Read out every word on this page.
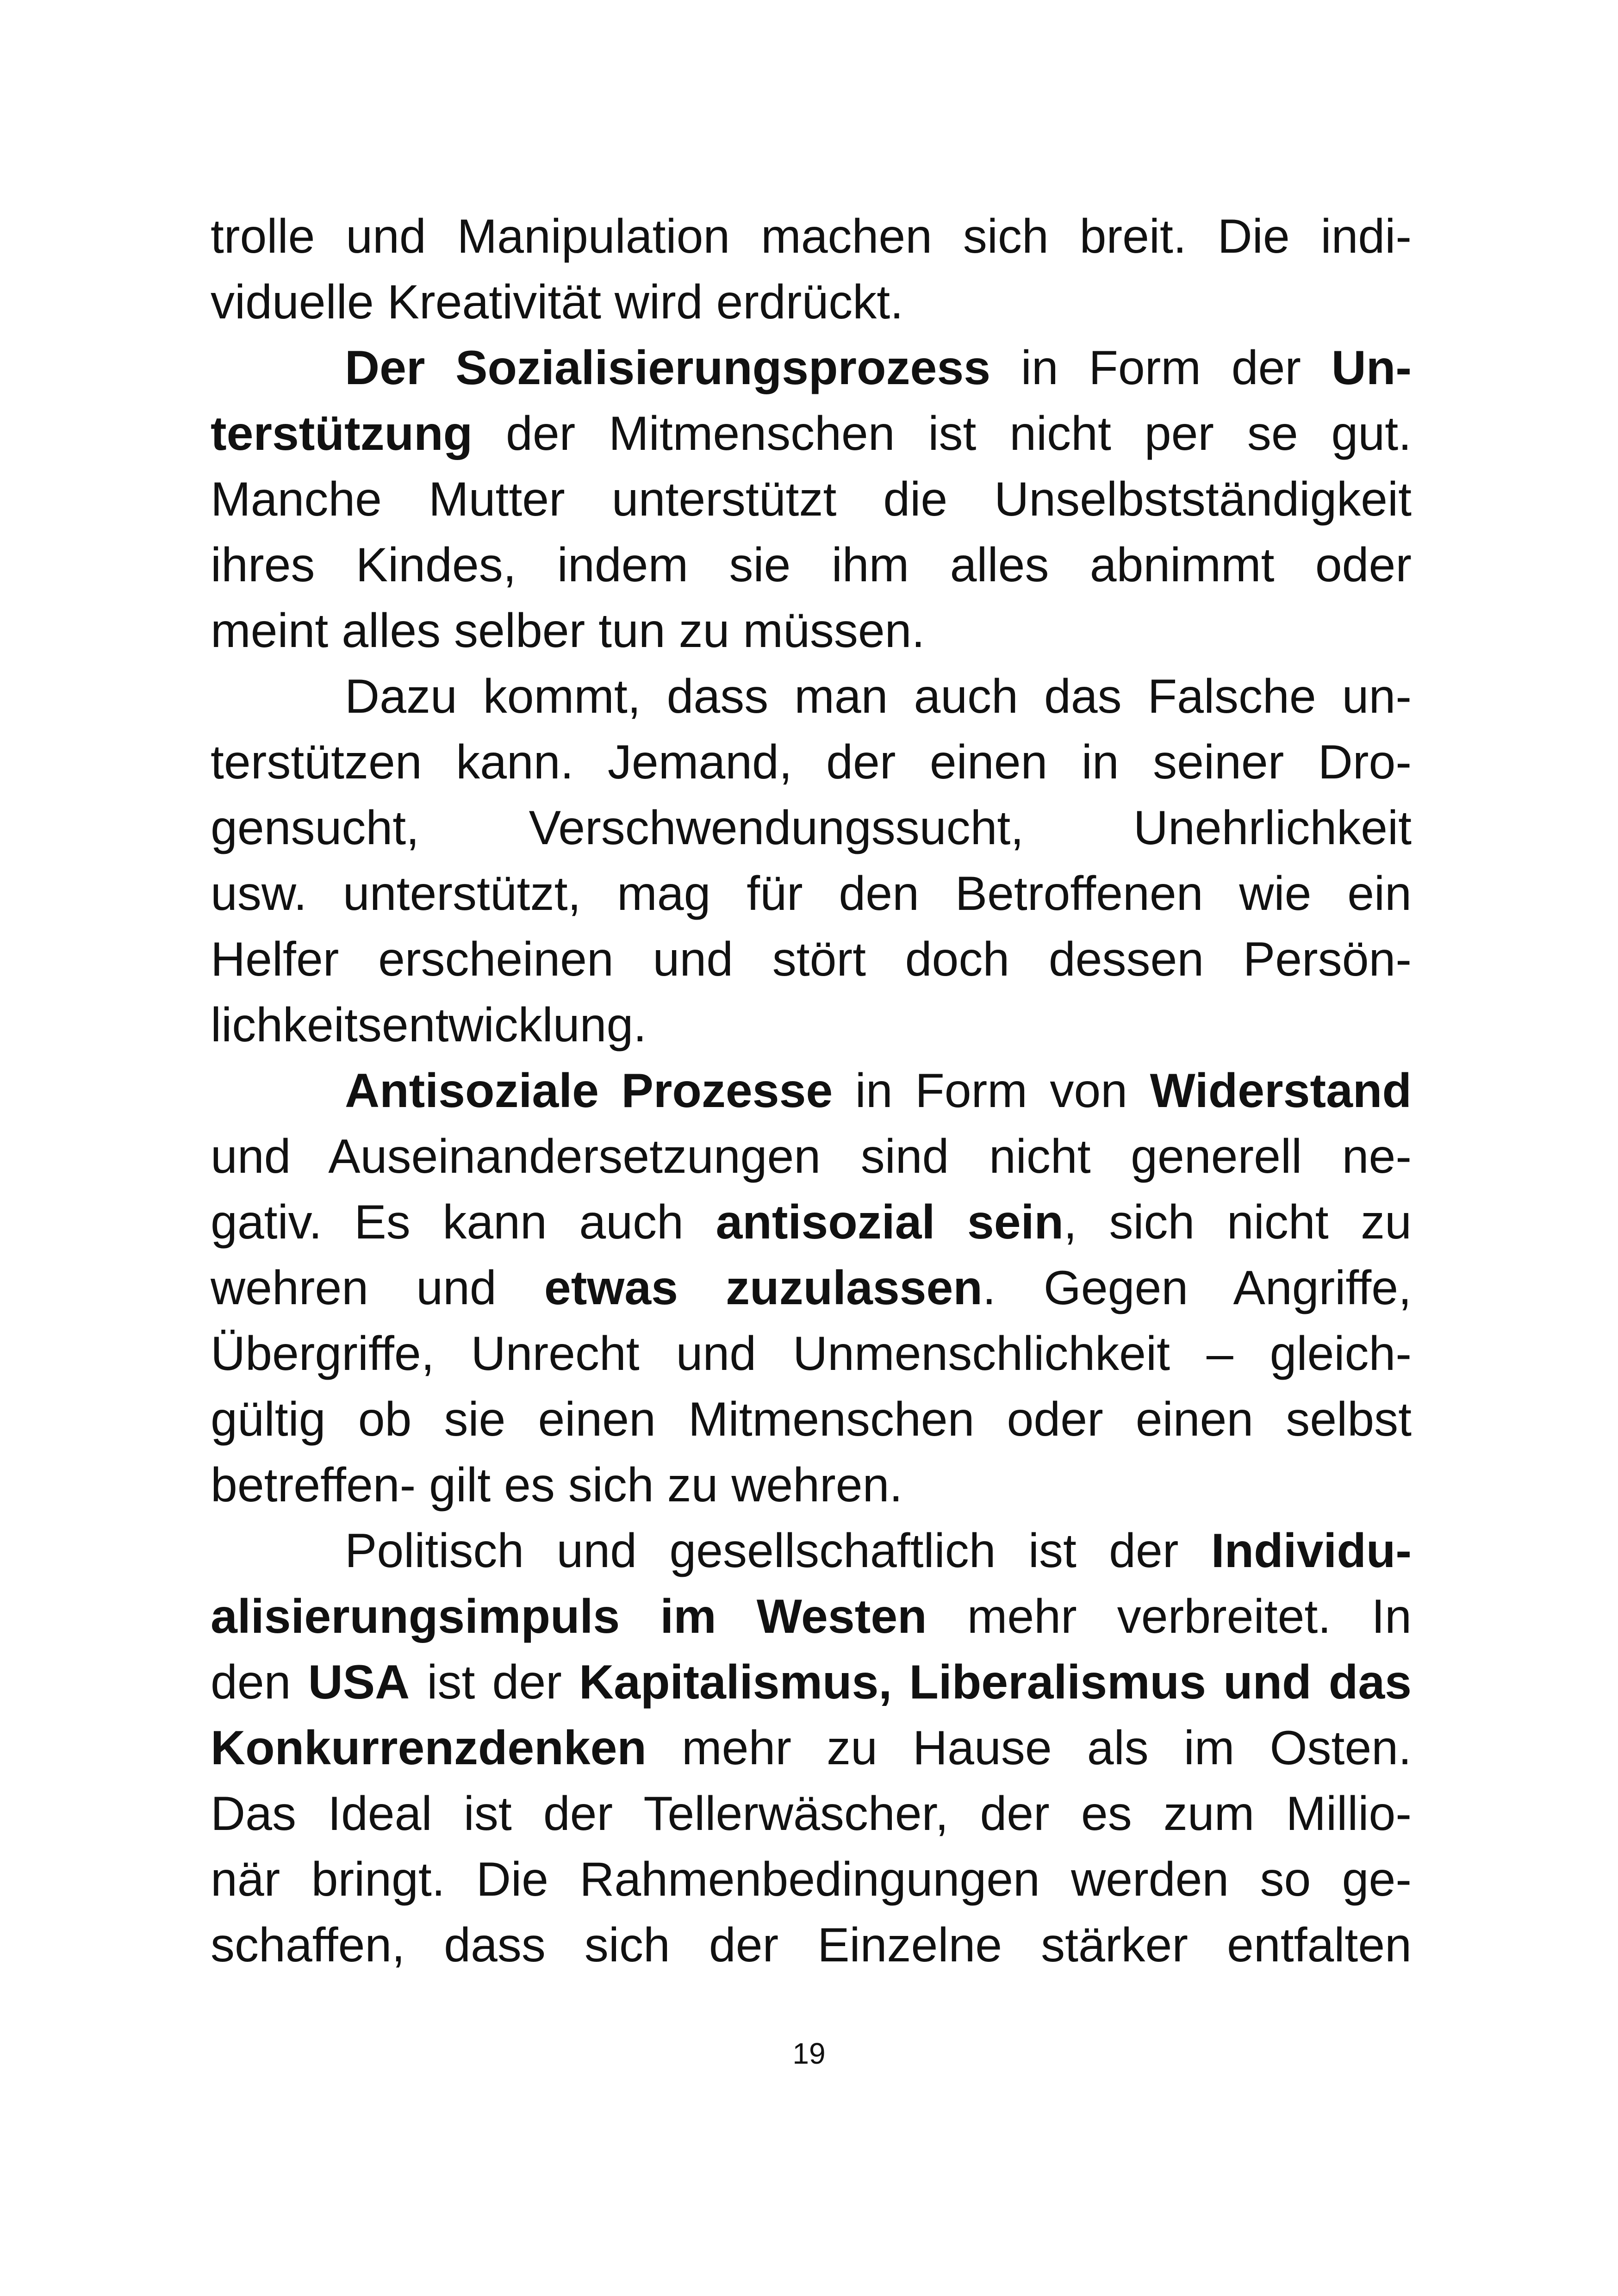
trolle und Manipulation machen sich breit. Die indi-
viduelle Kreativität wird erdrückt.
Der Sozialisierungsprozess in Form der Un-
terstützung der Mitmenschen ist nicht per se gut.
Manche Mutter unterstützt die Unselbstständigkeit
ihres Kindes, indem sie ihm alles abnimmt oder
meint alles selber tun zu müssen.
Dazu kommt, dass man auch das Falsche un-
terstützen kann. Jemand, der einen in seiner Dro-
gensucht, Verschwendungssucht, Unehrlichkeit
usw. unterstützt, mag für den Betroffenen wie ein
Helfer erscheinen und stört doch dessen Persön-
lichkeitsentwicklung.
Antisoziale Prozesse in Form von Widerstand
und Auseinandersetzungen sind nicht generell ne-
gativ. Es kann auch antisozial sein, sich nicht zu
wehren und etwas zuzulassen. Gegen Angriffe,
Übergriffe, Unrecht und Unmenschlichkeit – gleich-
gültig ob sie einen Mitmenschen oder einen selbst
betreffen- gilt es sich zu wehren.
Politisch und gesellschaftlich ist der Individu-
alisierungsimpuls im Westen mehr verbreitet. In
den USA ist der Kapitalismus, Liberalismus und das
Konkurrenzdenken mehr zu Hause als im Osten.
Das Ideal ist der Tellerwäscher, der es zum Millio-
när bringt. Die Rahmenbedingungen werden so ge-
schaffen, dass sich der Einzelne stärker entfalten
19
